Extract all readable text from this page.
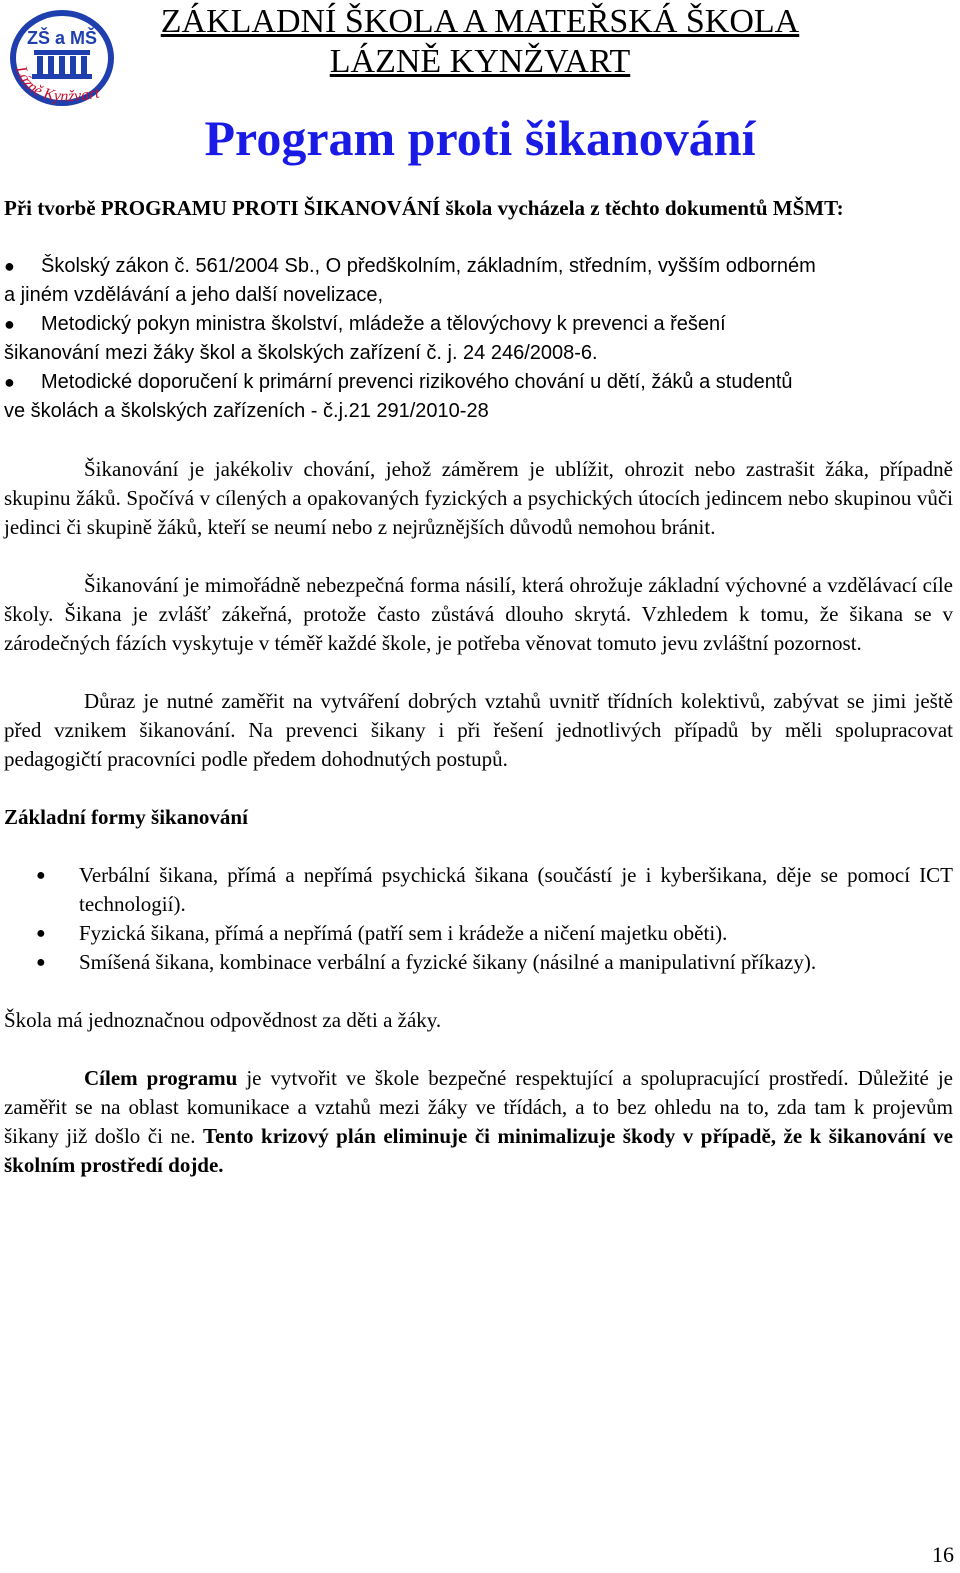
ZŠ a MŠ
Lázně Kynžvart
ZÁKLADNÍ ŠKOLA A MATEŘSKÁ ŠKOLA
LÁZNĚ KYNŽVART
Program proti šikanování

Při tvorbě PROGRAMU PROTI ŠIKANOVÁNÍ škola vycházela z těchto dokumentů MŠMT:

● Školský zákon č. 561/2004 Sb., O předškolním, základním, středním, vyšším odborném
a jiném vzdělávání a jeho další novelizace,
● Metodický pokyn ministra školství, mládeže a tělovýchovy k prevenci a řešení
šikanování mezi žáky škol a školských zařízení č. j. 24 246/2008-6.
● Metodické doporučení k primární prevenci rizikového chování u dětí, žáků a studentů
ve školách a školských zařízeních - č.j.21 291/2010-28

Šikanování je jakékoliv chování, jehož záměrem je ublížit, ohrozit nebo zastrašit žáka, případně skupinu žáků. Spočívá v cílených a opakovaných fyzických a psychických útocích jedincem nebo skupinou vůči jedinci či skupině žáků, kteří se neumí nebo z nejrůznějších důvodů nemohou bránit.

Šikanování je mimořádně nebezpečná forma násilí, která ohrožuje základní výchovné a vzdělávací cíle školy. Šikana je zvlášť zákeřná, protože často zůstává dlouho skrytá. Vzhledem k tomu, že šikana se v zárodečných fázích vyskytuje v téměř každé škole, je potřeba věnovat tomuto jevu zvláštní pozornost.

Důraz je nutné zaměřit na vytváření dobrých vztahů uvnitř třídních kolektivů, zabývat se jimi ještě před vznikem šikanování. Na prevenci šikany i při řešení jednotlivých případů by měli spolupracovat pedagogičtí pracovníci podle předem dohodnutých postupů.

Základní formy šikanování

● Verbální šikana, přímá a nepřímá psychická šikana (součástí je i kyberšikana, děje se pomocí ICT technologií).
● Fyzická šikana, přímá a nepřímá (patří sem i krádeže a ničení majetku oběti).
● Smíšená šikana, kombinace verbální a fyzické šikany (násilné a manipulativní příkazy).

Škola má jednoznačnou odpovědnost za děti a žáky.

Cílem programu je vytvořit ve škole bezpečné respektující a spolupracující prostředí. Důležité je zaměřit se na oblast komunikace a vztahů mezi žáky ve třídách, a to bez ohledu na to, zda tam k projevům šikany již došlo či ne. Tento krizový plán eliminuje či minimalizuje škody v případě, že k šikanování ve školním prostředí dojde.

16
